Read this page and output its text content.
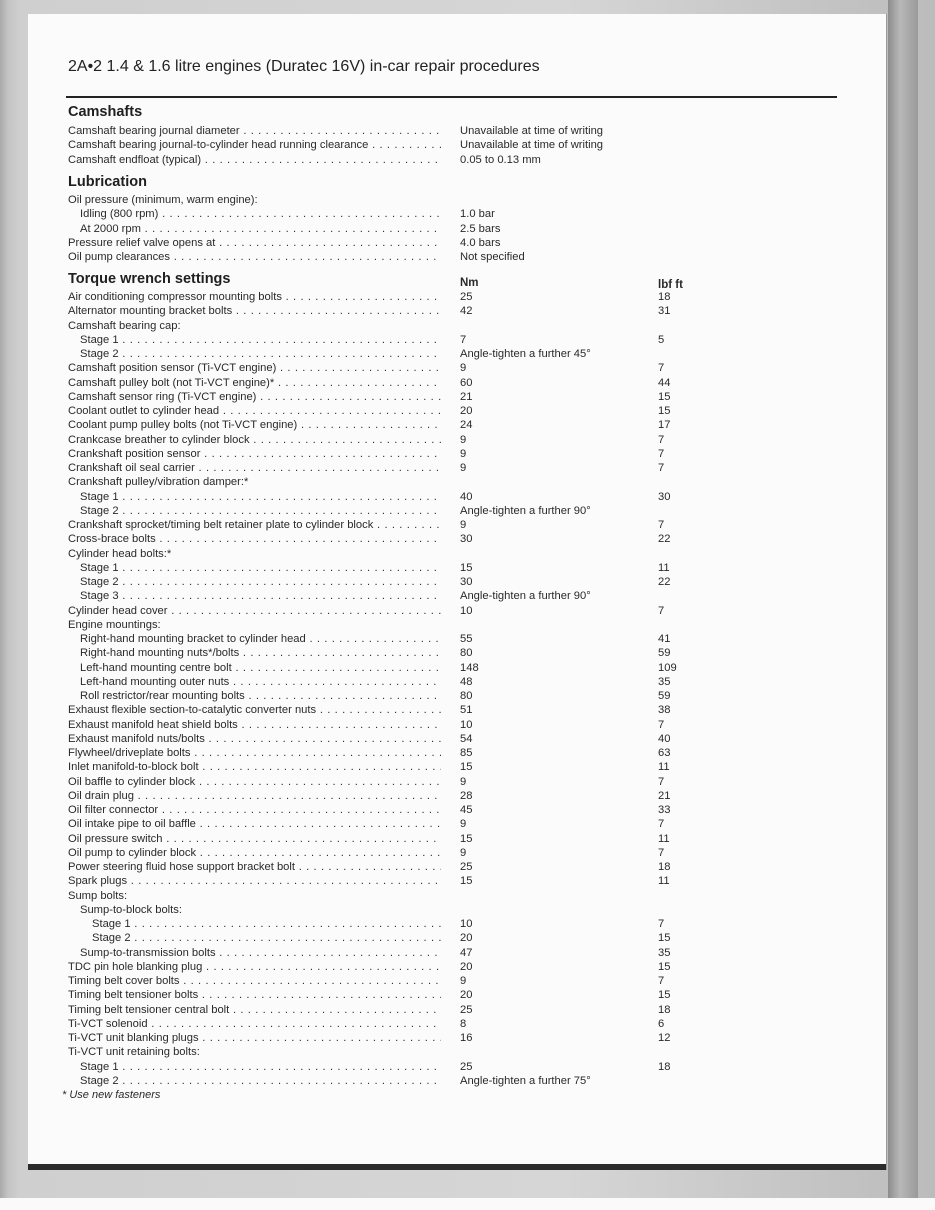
2A•2 1.4 & 1.6 litre engines (Duratec 16V) in-car repair procedures
Camshafts
Camshaft bearing journal diameter . . .	Unavailable at time of writing
Camshaft bearing journal-to-cylinder head running clearance . . .	Unavailable at time of writing
Camshaft endfloat (typical) . . .	0.05 to 0.13 mm
Lubrication
Oil pressure (minimum, warm engine):
Idling (800 rpm) . . .	1.0 bar
At 2000 rpm . . .	2.5 bars
Pressure relief valve opens at . . .	4.0 bars
Oil pump clearances . . .	Not specified
Torque wrench settings	Nm	lbf ft
Air conditioning compressor mounting bolts . . .	25	18
Alternator mounting bracket bolts . . .	42	31
Camshaft bearing cap:
Stage 1 . . .	7	5
Stage 2 . . .	Angle-tighten a further 45°
Camshaft position sensor (Ti-VCT engine) . . .	9	7
Camshaft pulley bolt (not Ti-VCT engine)* . . .	60	44
Camshaft sensor ring (Ti-VCT engine) . . .	21	15
Coolant outlet to cylinder head . . .	20	15
Coolant pump pulley bolts (not Ti-VCT engine) . . .	24	17
Crankcase breather to cylinder block . . .	9	7
Crankshaft position sensor . . .	9	7
Crankshaft oil seal carrier . . .	9	7
Crankshaft pulley/vibration damper:*
Stage 1 . . .	40	30
Stage 2 . . .	Angle-tighten a further 90°
Crankshaft sprocket/timing belt retainer plate to cylinder block . . .	9	7
Cross-brace bolts . . .	30	22
Cylinder head bolts:*
Stage 1 . . .	15	11
Stage 2 . . .	30	22
Stage 3 . . .	Angle-tighten a further 90°
Cylinder head cover . . .	10	7
Engine mountings:
Right-hand mounting bracket to cylinder head . . .	55	41
Right-hand mounting nuts*/bolts . . .	80	59
Left-hand mounting centre bolt . . .	148	109
Left-hand mounting outer nuts . . .	48	35
Roll restrictor/rear mounting bolts . . .	80	59
Exhaust flexible section-to-catalytic converter nuts . . .	51	38
Exhaust manifold heat shield bolts . . .	10	7
Exhaust manifold nuts/bolts . . .	54	40
Flywheel/driveplate bolts . . .	85	63
Inlet manifold-to-block bolt . . .	15	11
Oil baffle to cylinder block . . .	9	7
Oil drain plug . . .	28	21
Oil filter connector . . .	45	33
Oil intake pipe to oil baffle . . .	9	7
Oil pressure switch . . .	15	11
Oil pump to cylinder block . . .	9	7
Power steering fluid hose support bracket bolt . . .	25	18
Spark plugs . . .	15	11
Sump bolts:
Sump-to-block bolts:
Stage 1 . . .	10	7
Stage 2 . . .	20	15
Sump-to-transmission bolts . . .	47	35
TDC pin hole blanking plug . . .	20	15
Timing belt cover bolts . . .	9	7
Timing belt tensioner bolts . . .	20	15
Timing belt tensioner central bolt . . .	25	18
Ti-VCT solenoid . . .	8	6
Ti-VCT unit blanking plugs . . .	16	12
Ti-VCT unit retaining bolts:
Stage 1 . . .	25	18
Stage 2 . . .	Angle-tighten a further 75°
* Use new fasteners
